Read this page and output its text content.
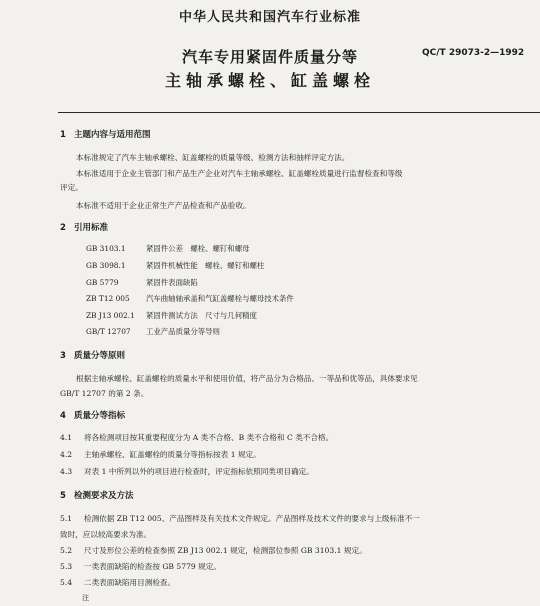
中华人民共和国汽车行业标准
汽车专用紧固件质量分等	QC/T 29073-2—1992
主轴承螺栓、缸盖螺栓
1 主题内容与适用范围
本标准规定了汽车主轴承螺栓、缸盖螺栓的质量等级、检测方法和抽样评定方法。
本标准适用于企业主管部门和产品生产企业对汽车主轴承螺栓、缸盖螺栓质量进行监督检查和等级
评定。
本标准不适用于企业正常生产产品检查和产品验收。
2 引用标准
GB 3103.1	紧固件公差　螺栓、螺钉和螺母
GB 3098.1	紧固件机械性能　螺栓、螺钉和螺柱
GB 5779	紧固件表面缺陷
ZB T12 005 汽车曲轴轴承盖和气缸盖螺栓与螺母技术条件
ZB J13 002.1 紧固件测试方法　尺寸与几何精度
GB/T 12707 工业产品质量分等导则
3 质量分等原则
根据主轴承螺栓、缸盖螺栓的质量水平和使用价值，将产品分为合格品、一等品和优等品，具体要求见
GB/T 12707 的第 2 条。
4 质量分等指标
4.1 将各检测项目按其重要程度分为 A 类不合格、B 类不合格和 C 类不合格。
4.2 主轴承螺栓、缸盖螺栓的质量分等指标按表 1 规定。
4.3 对表 1 中所列以外的项目进行检查时，评定指标依照同类项目确定。
5 检测要求及方法
5.1 检测依据 ZB T12 005、产品图样及有关技术文件规定。产品图样及技术文件的要求与上级标准不一
致时，应以较高要求为准。
5.2 尺寸及形位公差的检查参照 ZB J13 002.1 规定，检测部位参照 GB 3103.1 规定。
5.3 一类表面缺陷的检查按 GB 5779 规定。
5.4 二类表面缺陷用目测检查。
注
